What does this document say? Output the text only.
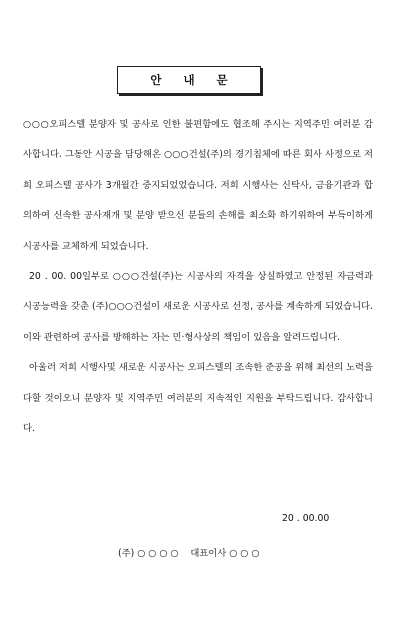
안 내 문

○○○오피스텔 분양자 및 공사로 인한 불편함에도 협조해 주시는 지역주민 여러분 감사합니다. 그동안 시공을 담당해온 ○○○건설(주)의 경기침체에 따른 회사 사정으로 저희 오피스텔 공사가 3개월간 중지되었었습니다. 저희 시행사는 신탁사, 금융기관과 합의하여 신속한 공사재개 및 분양 받으신 분들의 손해를 최소화 하기위하여 부득이하게 시공사를 교체하게 되었습니다.

20 . 00. 00일부로 ○○○건설(주)는 시공사의 자격을 상실하였고 안정된 자금력과 시공능력을 갖춘 (주)○○○건설이 새로운 시공사로 선정, 공사를 계속하게 되었습니다. 이와 관련하여 공사를 방해하는 자는 민·형사상의 책임이 있음을 알려드립니다.

아울러 저희 시행사및 새로운 시공사는 오피스텔의 조속한 준공을 위해 최선의 노력을 다할 것이오니 분양자 및 지역주민 여러분의 지속적인 지원을 부탁드립니다. 감사합니다.

20 . 00.00
(주) ○ ○ ○ ○    대표이사 ○ ○ ○
